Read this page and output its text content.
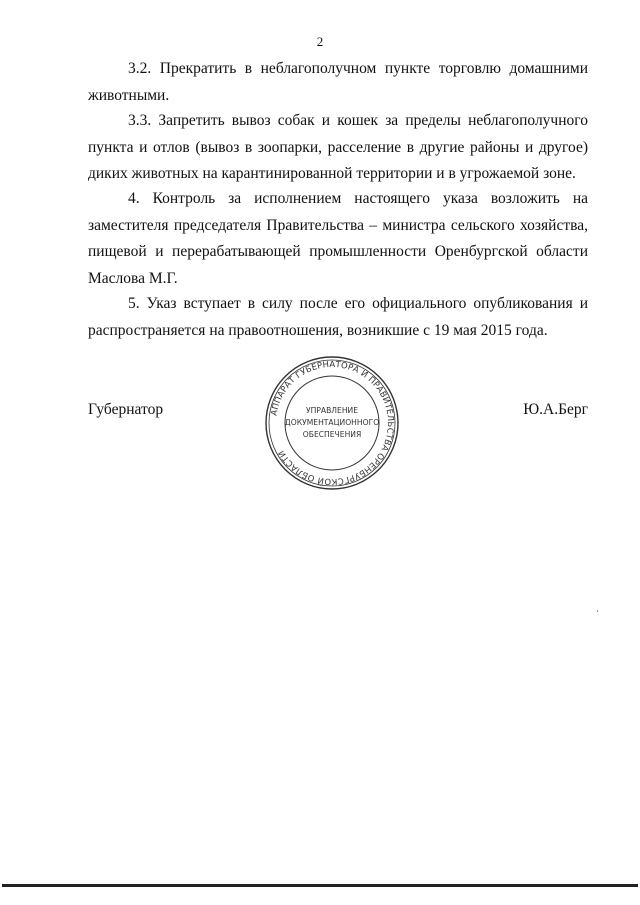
2

3.2. Прекратить в неблагополучном пункте торговлю домашними животными.

3.3. Запретить вывоз собак и кошек за пределы неблагополучного пункта и отлов (вывоз в зоопарки, расселение в другие районы и другое) диких животных на карантинированной территории и в угрожаемой зоне.

4. Контроль за исполнением настоящего указа возложить на заместителя председателя Правительства – министра сельского хозяйства, пищевой и перерабатывающей промышленности Оренбургской области Маслова М.Г.

5. Указ вступает в силу после его официального опубликования и распространяется на правоотношения, возникшие с 19 мая 2015 года.

Губернатор	АППАРАТ ГУБЕРНАТОРА И ПРАВИТЕЛЬСТВА ОРЕНБУРГСКОЙ ОБЛАСТИ
УПРАВЛЕНИЕ
ДОКУМЕНТАЦИОННОГО
ОБЕСПЕЧЕНИЯ
Ю.А.Берг
